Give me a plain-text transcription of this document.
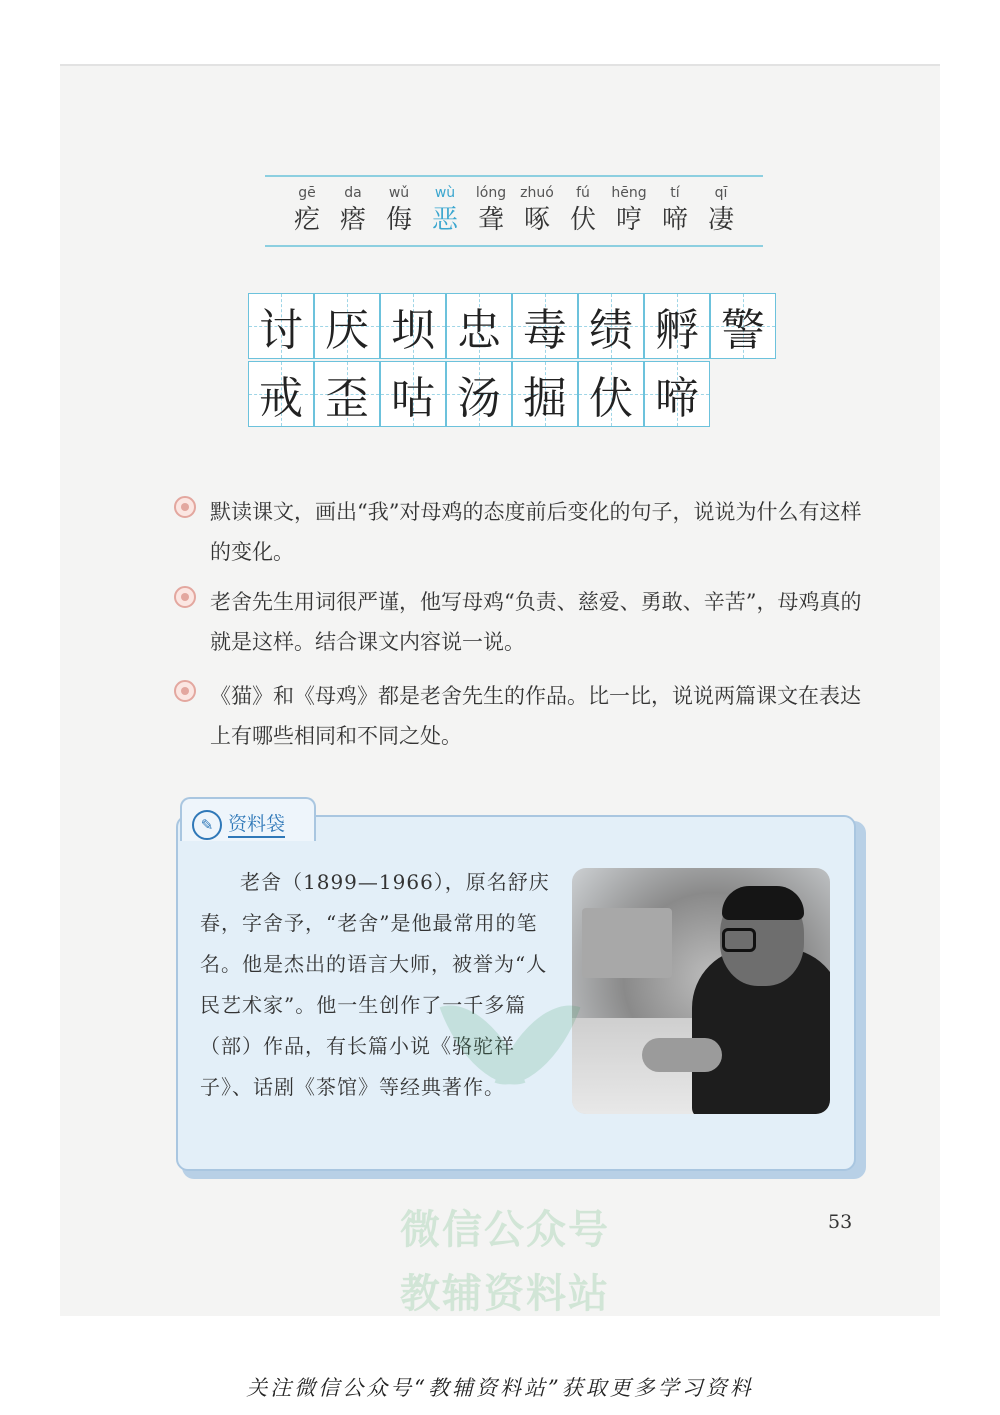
gē
疙
da
瘩
wǔ
侮
wù
恶
lóng
聋
zhuó
啄
fú
伏
hēng
哼
tí
啼
qī
凄
讨 厌 坝 忠 毒 绩 孵 警
戒 歪 咕 汤 掘 伏 啼

默读课文，画出“我”对母鸡的态度前后变化的句子，说说为什么有这样的变化。

老舍先生用词很严谨，他写母鸡“负责、慈爱、勇敢、辛苦”，母鸡真的就是这样。结合课文内容说一说。

《猫》和《母鸡》都是老舍先生的作品。比一比，说说两篇课文在表达上有哪些相同和不同之处。

✎ 资料袋

老舍（1899—1966），原名舒庆春，字舍予，“老舍”是他最常用的笔名。他是杰出的语言大师，被誉为“人民艺术家”。他一生创作了一千多篇（部）作品，有长篇小说《骆驼祥子》、话剧《茶馆》等经典著作。

微信公众号
教辅资料站
53
关注微信公众号“教辅资料站”获取更多学习资料
